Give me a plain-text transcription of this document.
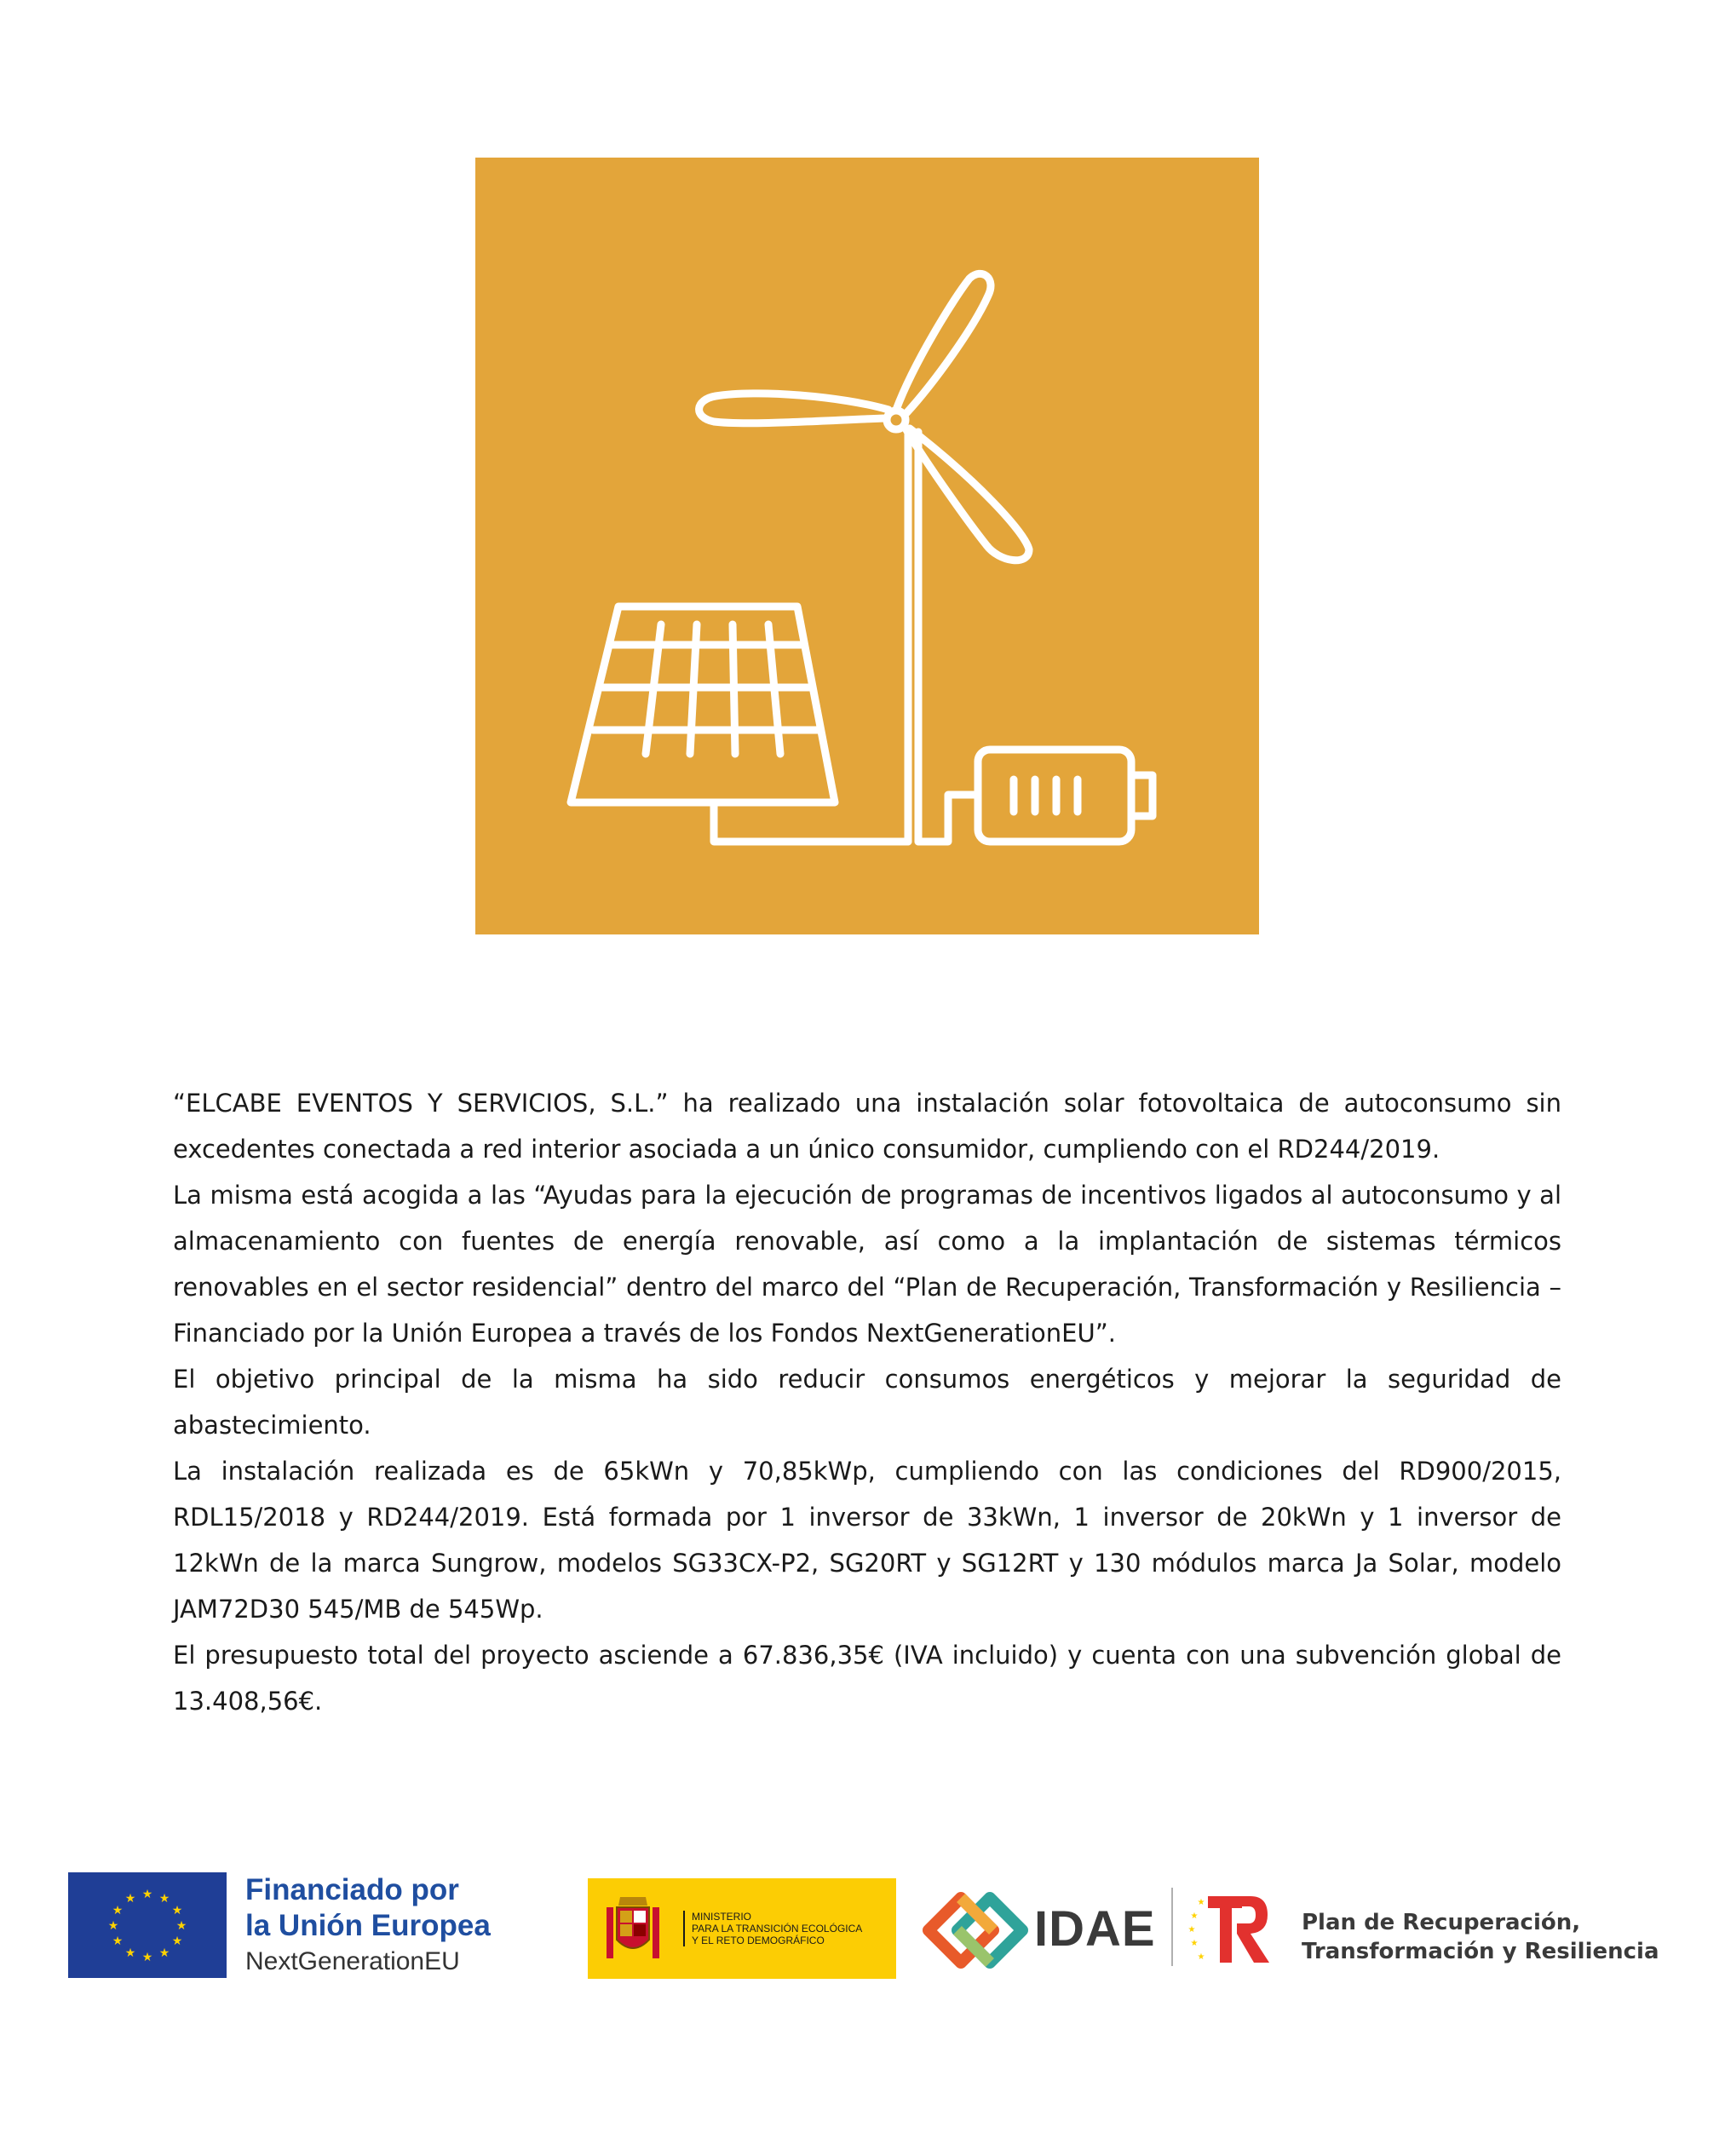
“ELCABE EVENTOS Y SERVICIOS, S.L.” ha realizado una instalación solar fotovoltaica de autoconsumo sin excedentes conectada a red interior asociada a un único consumidor, cumpliendo con el RD244/2019.

La misma está acogida a las “Ayudas para la ejecución de programas de incentivos ligados al autoconsumo y al almacenamiento con fuentes de energía renovable, así como a la implantación de sistemas térmicos renovables en el sector residencial” dentro del marco del “Plan de Recuperación, Transformación y Resiliencia – Financiado por la Unión Europea a través de los Fondos NextGenerationEU”.

El objetivo principal de la misma ha sido reducir consumos energéticos y mejorar la seguridad de abastecimiento.

La instalación realizada es de 65kWn y 70,85kWp, cumpliendo con las condiciones del RD900/2015, RDL15/2018 y RD244/2019. Está formada por 1 inversor de 33kWn, 1 inversor de 20kWn y 1 inversor de 12kWn de la marca Sungrow, modelos SG33CX-P2, SG20RT y SG12RT y 130 módulos marca Ja Solar, modelo JAM72D30 545/MB de 545Wp.

El presupuesto total del proyecto asciende a 67.836,35€ (IVA incluido) y cuenta con una subvención global de 13.408,56€.

★ ★
★
★
★
★
★
★
★
★
★
★	Financiado por
la Unión Europea
NextGenerationEU
MINISTERIO
PARA LA TRANSICIÓN ECOLÓGICA
Y EL RETO DEMOGRÁFICO	IDAE	★
★
★
★
★
Plan de Recuperación,
Transformación y Resiliencia
